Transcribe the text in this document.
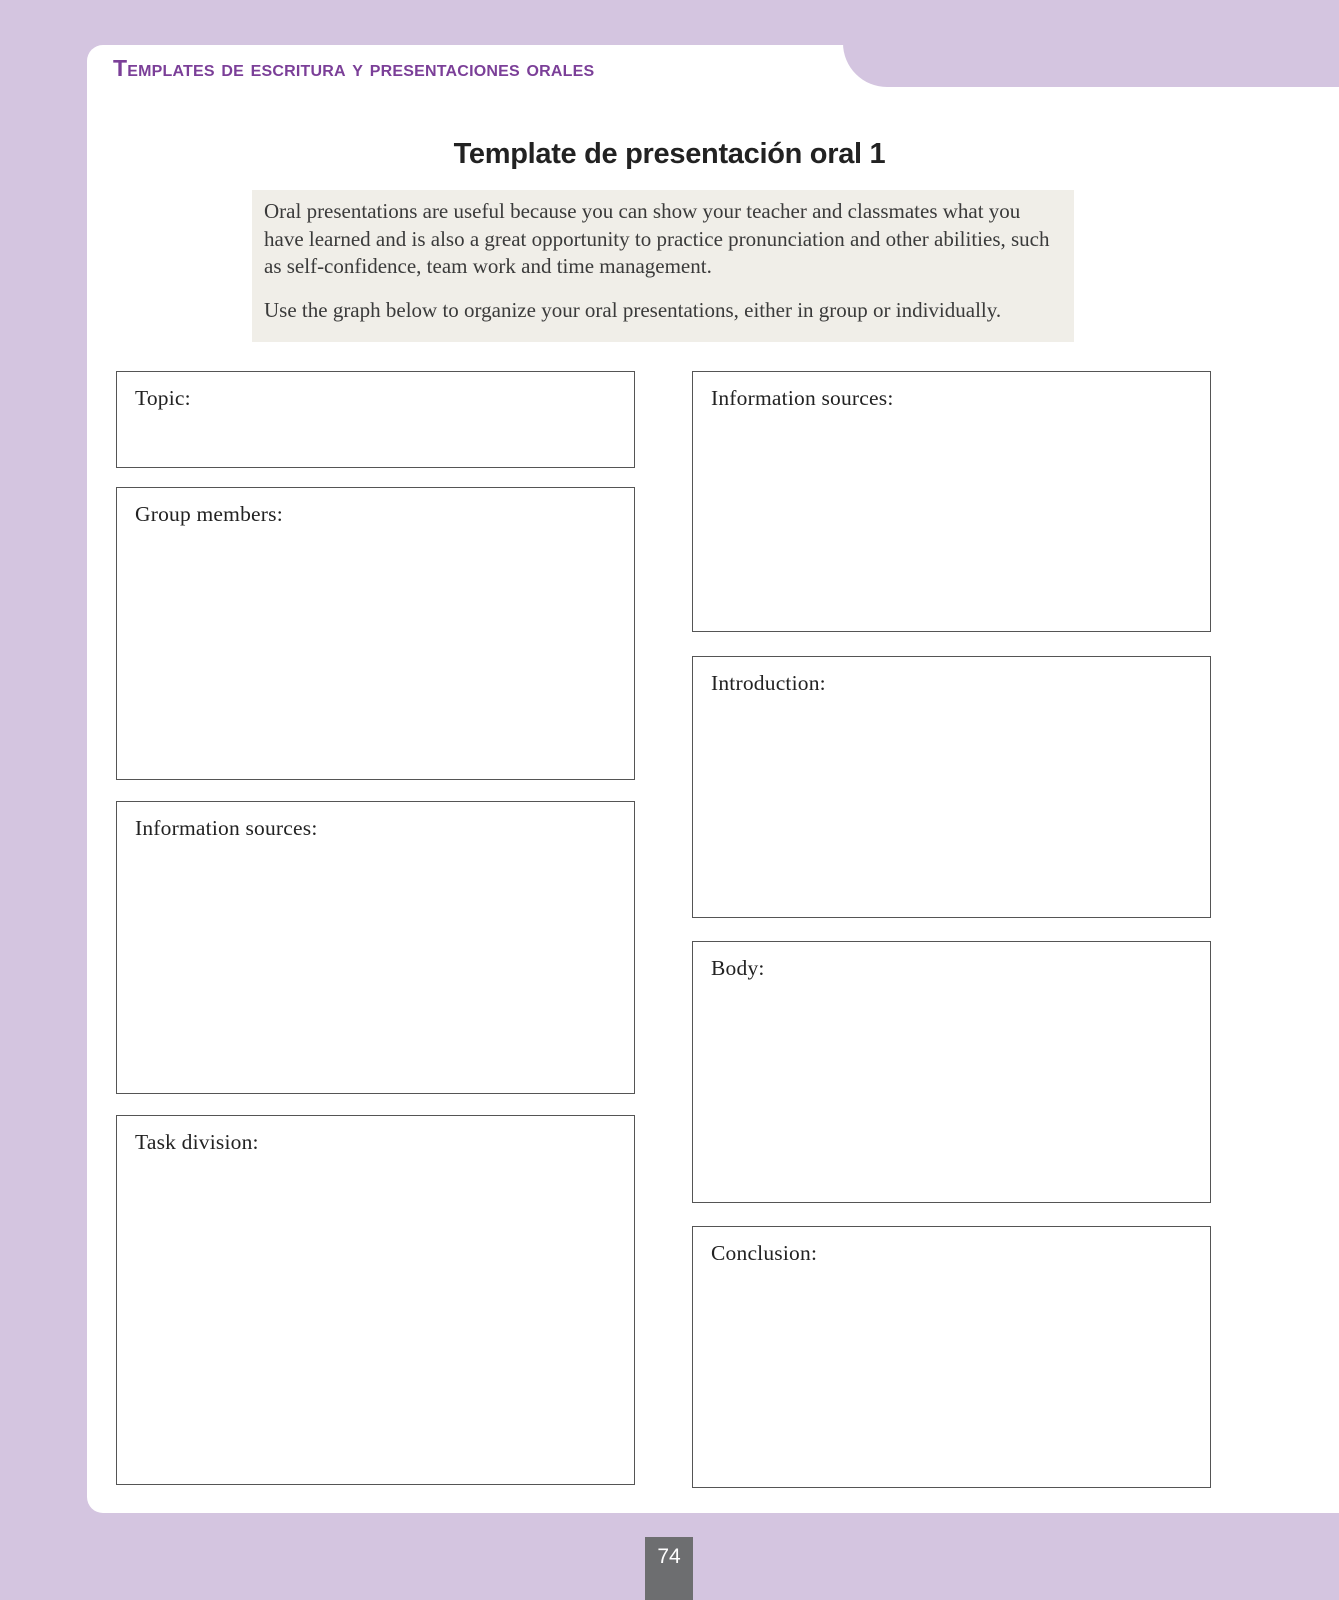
Templates de escritura y presentaciones orales
Template de presentación oral 1

Oral presentations are useful because you can show your teacher and classmates what you have learned and is also a great opportunity to practice pronunciation and other abilities, such as self-confidence, team work and time management.

Use the graph below to organize your oral presentations, either in group or individually.

Topic:
Group members:
Information sources:
Task division:
Information sources:
Introduction:
Body:
Conclusion:
74
